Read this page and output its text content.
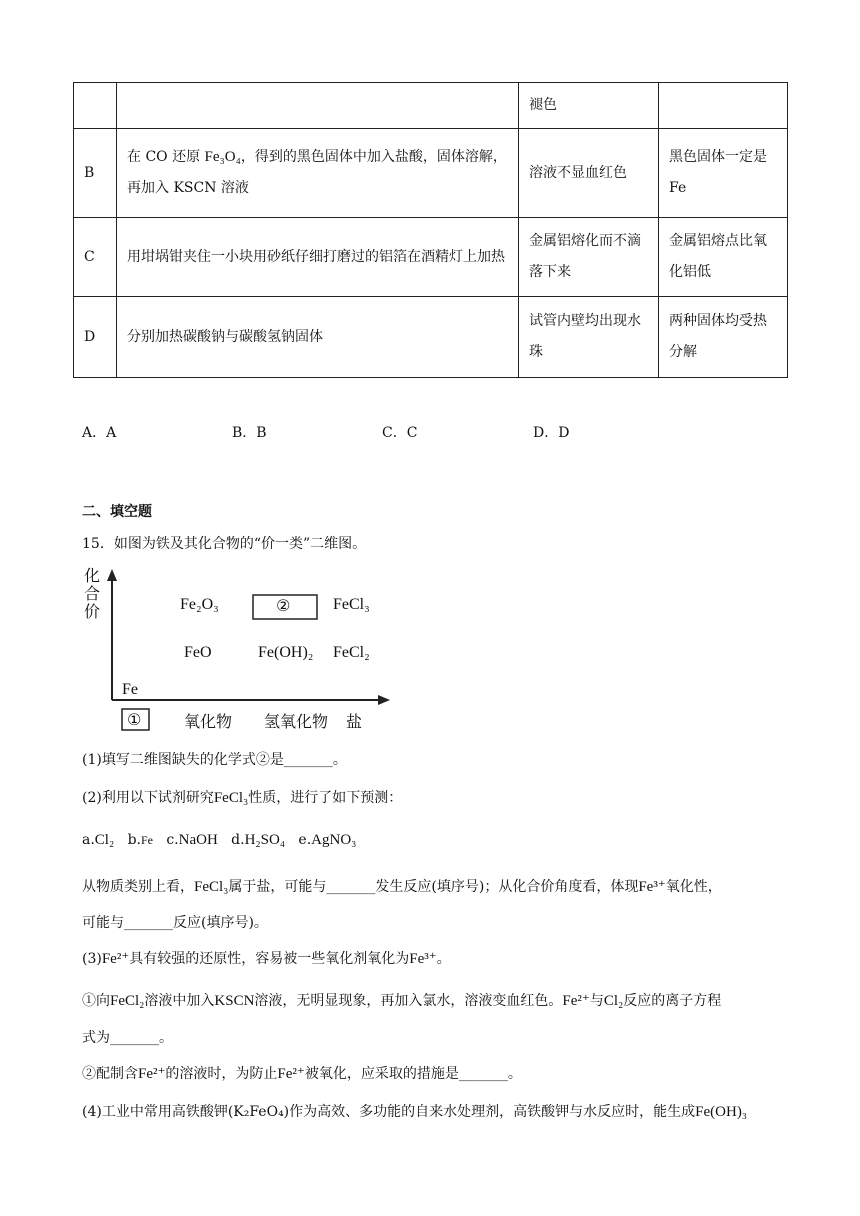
		褪色	
B	在 CO 还原 Fe₃O₄，得到的黑色固体中加入盐酸，固体溶解，再加入 KSCN 溶液	溶液不显血红色	黑色固体一定是 Fe
C	用坩埚钳夹住一小块用砂纸仔细打磨过的铝箔在酒精灯上加热	金属铝熔化而不滴落下来	金属铝熔点比氧化铝低
D	分别加热碳酸钠与碳酸氢钠固体	试管内壁均出现水珠	两种固体均受热分解
A．A	B．B	C．C	D．D
二、填空题
15．如图为铁及其化合物的“价一类”二维图。
化
合
价	Fe₂O₃	②	FeCl₃
FeO	Fe(OH)₂ FeCl₂
Fe
①	氧化物 氢氧化物 盐
(1)填写二维图缺失的化学式②是_______。
(2)利用以下试剂研究FeCl₃性质，进行了如下预测：
a.Cl₂ b.Fe c.NaOH d.H₂SO₄ e.AgNO₃
从物质类别上看，FeCl₃属于盐，可能与_______发生反应(填序号)；从化合价角度看，体现Fe³⁺氧化性，
可能与_______反应(填序号)。
(3)Fe²⁺具有较强的还原性，容易被一些氧化剂氧化为Fe³⁺。
①向FeCl₂溶液中加入KSCN溶液，无明显现象，再加入氯水，溶液变血红色。Fe²⁺与Cl₂反应的离子方程
式为_______。
②配制含Fe²⁺的溶液时，为防止Fe²⁺被氧化，应采取的措施是_______。
(4)工业中常用高铁酸钾(K₂FeO₄)作为高效、多功能的自来水处理剂，高铁酸钾与水反应时，能生成Fe(OH)₃
